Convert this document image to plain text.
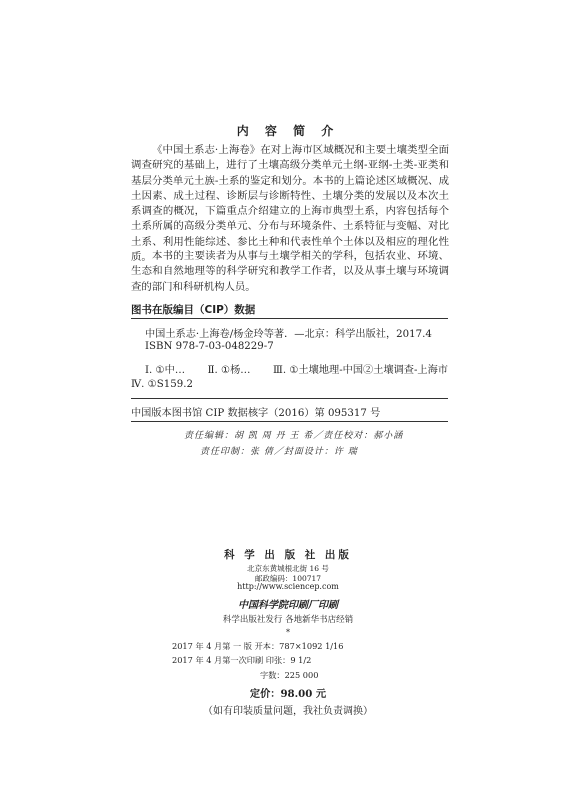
内 容 简 介

《中国土系志·上海卷》在对上海市区域概况和主要土壤类型全面调查研究的基础上，进行了土壤高级分类单元土纲-亚纲-土类-亚类和基层分类单元土族-土系的鉴定和划分。本书的上篇论述区域概况、成土因素、成土过程、诊断层与诊断特性、土壤分类的发展以及本次土系调查的概况，下篇重点介绍建立的上海市典型土系，内容包括每个土系所属的高级分类单元、分布与环境条件、土系特征与变幅、对比土系、利用性能综述、参比土种和代表性单个土体以及相应的理化性质。 本书的主要读者为从事与土壤学相关的学科，包括农业、环境、生态和自然地理等的科学研究和教学工作者，以及从事土壤与环境调查的部门和科研机构人员。

图书在版编目（CIP）数据
中国土系志·上海卷/杨金玲等著．—北京：科学出版社，2017.4
ISBN 978-7-03-048229-7
Ⅰ. ①中… Ⅱ. ①杨… Ⅲ. ①土壤地理-中国②土壤调查-上海市
Ⅳ. ①S159.2
中国版本图书馆 CIP 数据核字（2016）第 095317 号
责任编辑：胡 凯 周 丹 王 希／责任校对：郝小涵
责任印制：张 倩／封面设计：许 瑞
科 学 出 版 社 出版
北京东黄城根北街 16 号
邮政编码：100717
http://www.sciencep.com
中国科学院印刷厂印刷
科学出版社发行 各地新华书店经销
*
2017 年 4 月第 一 版 开本：787×1092 1/16
2017 年 4 月第一次印刷 印张：9 1/2
字数：225 000
定价：98.00 元
（如有印装质量问题，我社负责调换）
